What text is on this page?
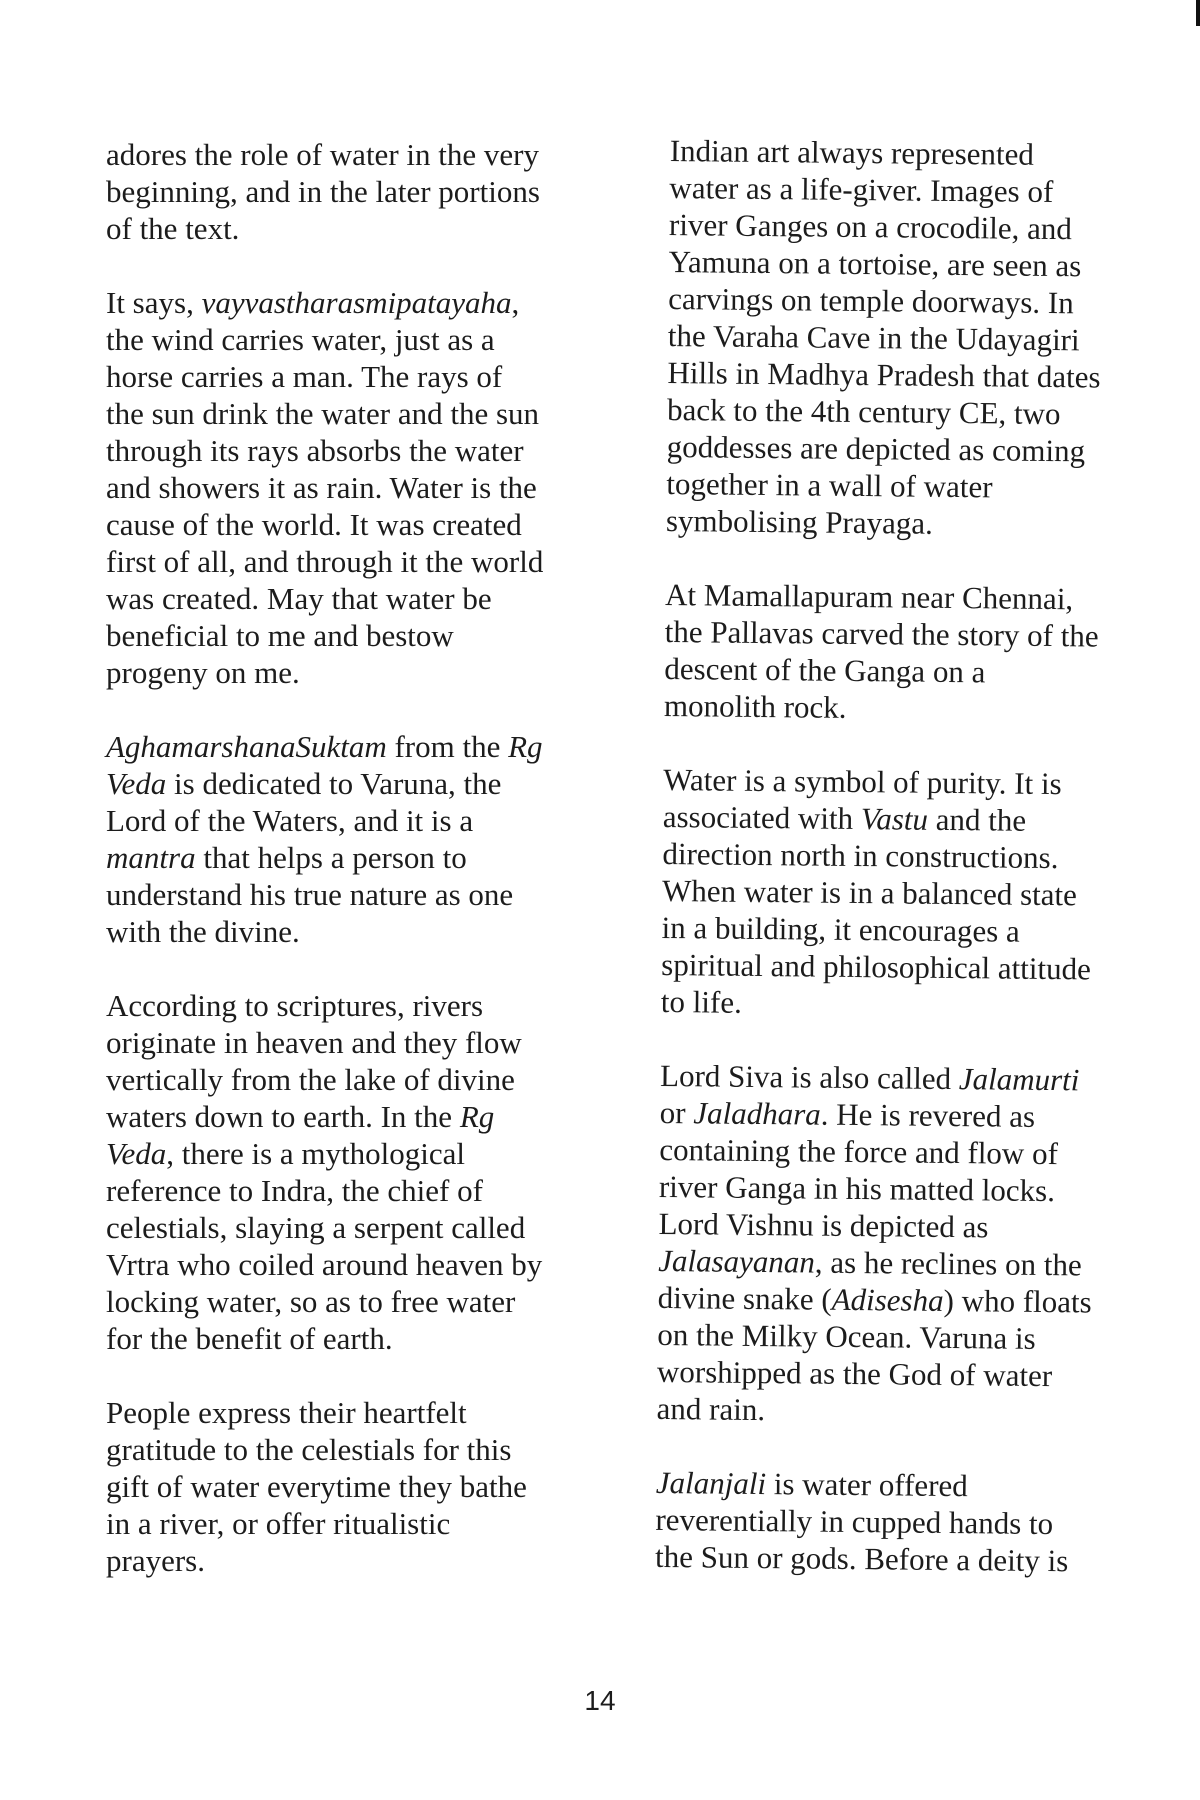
adores the role of water in the very
beginning, and in the later portions
of the text.
It says, vayvastharasmipatayaha,
the wind carries water, just as a
horse carries a man. The rays of
the sun drink the water and the sun
through its rays absorbs the water
and showers it as rain. Water is the
cause of the world. It was created
first of all, and through it the world
was created. May that water be
beneficial to me and bestow
progeny on me.
AghamarshanaSuktam from the Rg
Veda is dedicated to Varuna, the
Lord of the Waters, and it is a
mantra that helps a person to
understand his true nature as one
with the divine.
According to scriptures, rivers
originate in heaven and they flow
vertically from the lake of divine
waters down to earth. In the Rg
Veda, there is a mythological
reference to Indra, the chief of
celestials, slaying a serpent called
Vrtra who coiled around heaven by
locking water, so as to free water
for the benefit of earth.
People express their heartfelt
gratitude to the celestials for this
gift of water everytime they bathe
in a river, or offer ritualistic
prayers.
Indian art always represented
water as a life-giver. Images of
river Ganges on a crocodile, and
Yamuna on a tortoise, are seen as
carvings on temple doorways. In
the Varaha Cave in the Udayagiri
Hills in Madhya Pradesh that dates
back to the 4th century CE, two
goddesses are depicted as coming
together in a wall of water
symbolising Prayaga.
At Mamallapuram near Chennai,
the Pallavas carved the story of the
descent of the Ganga on a
monolith rock.
Water is a symbol of purity. It is
associated with Vastu and the
direction north in constructions.
When water is in a balanced state
in a building, it encourages a
spiritual and philosophical attitude
to life.
Lord Siva is also called Jalamurti
or Jaladhara. He is revered as
containing the force and flow of
river Ganga in his matted locks.
Lord Vishnu is depicted as
Jalasayanan, as he reclines on the
divine snake (Adisesha) who floats
on the Milky Ocean. Varuna is
worshipped as the God of water
and rain.
Jalanjali is water offered
reverentially in cupped hands to
the Sun or gods. Before a deity is
14
